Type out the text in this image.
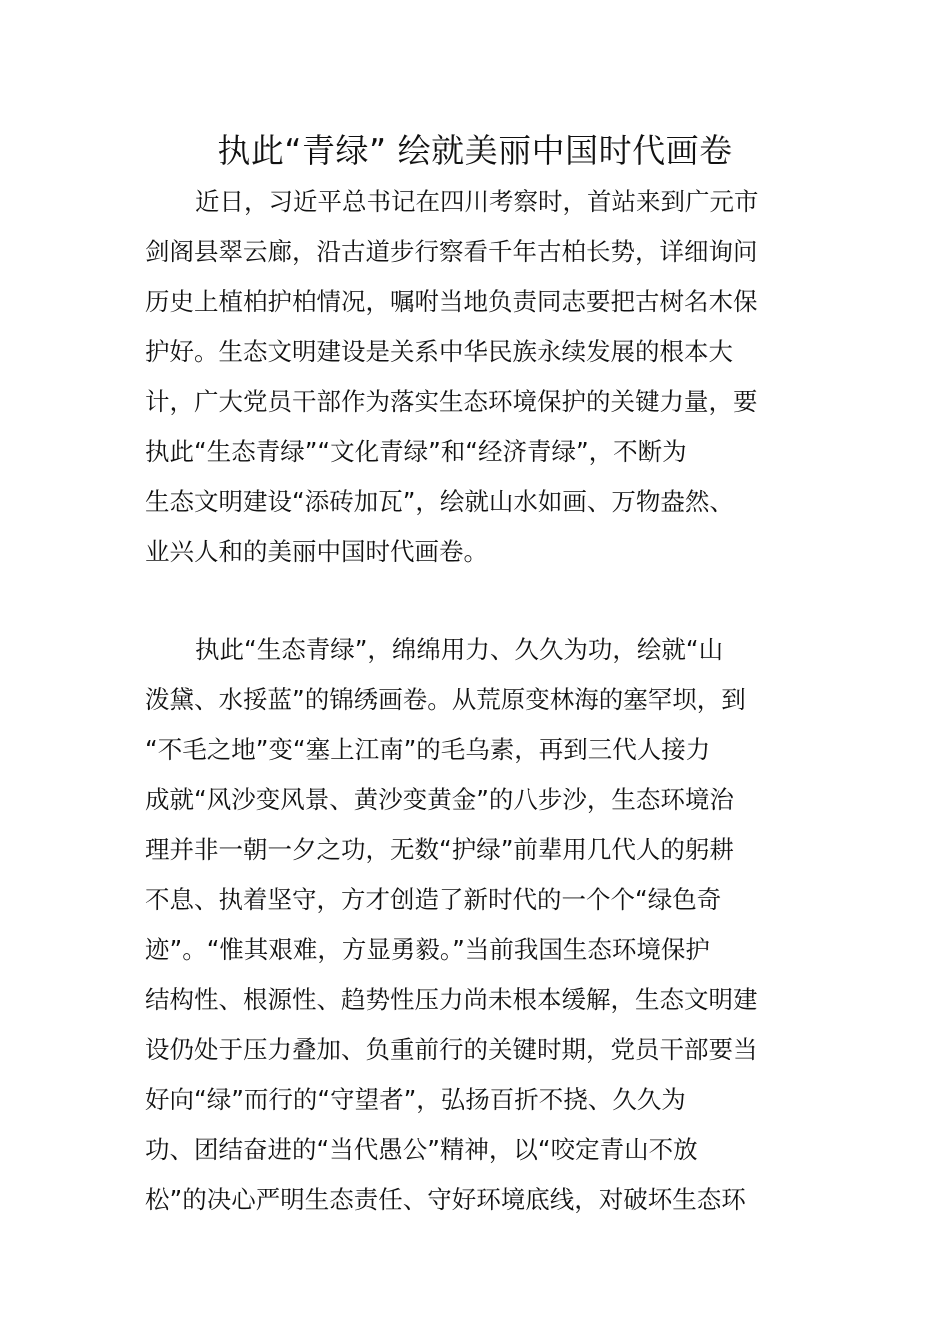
执此“青绿” 绘就美丽中国时代画卷
近日，习近平总书记在四川考察时，首站来到广元市
剑阁县翠云廊，沿古道步行察看千年古柏长势，详细询问
历史上植柏护柏情况，嘱咐当地负责同志要把古树名木保
护好。生态文明建设是关系中华民族永续发展的根本大
计，广大党员干部作为落实生态环境保护的关键力量，要
执此“生态青绿”“文化青绿”和“经济青绿”，不断为
生态文明建设“添砖加瓦”，绘就山水如画、万物盎然、
业兴人和的美丽中国时代画卷。
执此“生态青绿”，绵绵用力、久久为功，绘就“山
泼黛、水挼蓝”的锦绣画卷。从荒原变林海的塞罕坝，到
“不毛之地”变“塞上江南”的毛乌素，再到三代人接力
成就“风沙变风景、黄沙变黄金”的八步沙，生态环境治
理并非一朝一夕之功，无数“护绿”前辈用几代人的躬耕
不息、执着坚守，方才创造了新时代的一个个“绿色奇
迹”。“惟其艰难，方显勇毅。”当前我国生态环境保护
结构性、根源性、趋势性压力尚未根本缓解，生态文明建
设仍处于压力叠加、负重前行的关键时期，党员干部要当
好向“绿”而行的“守望者”，弘扬百折不挠、久久为
功、团结奋进的“当代愚公”精神，以“咬定青山不放
松”的决心严明生态责任、守好环境底线，对破坏生态环
